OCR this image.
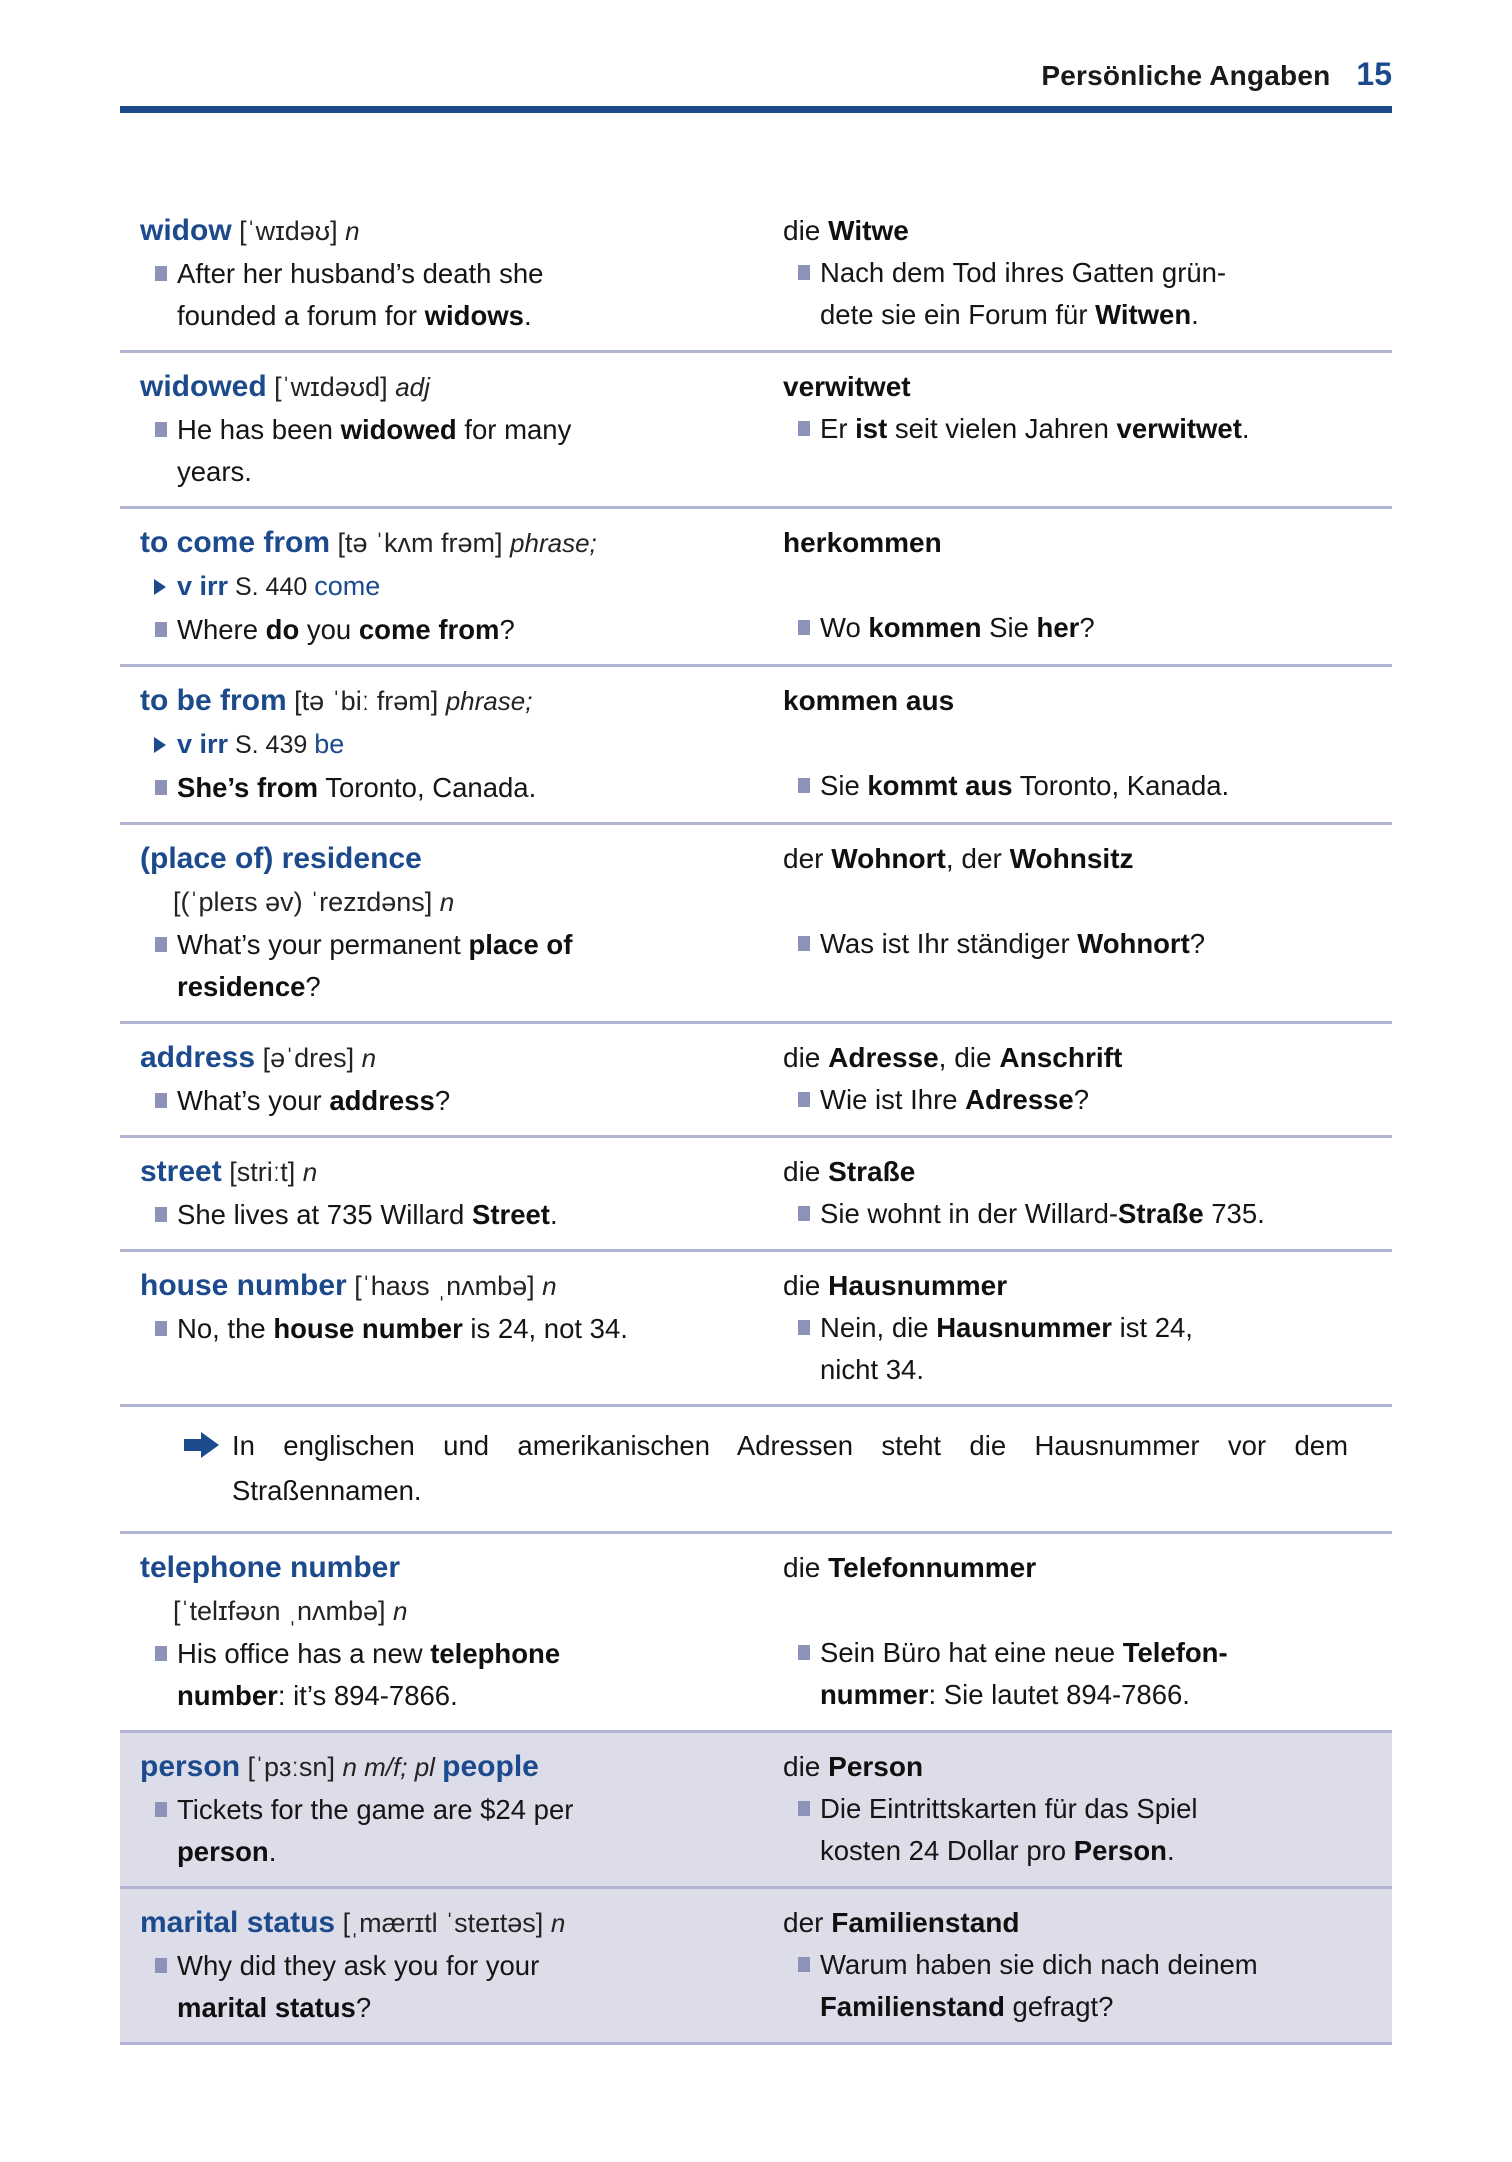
Persönliche Angaben 15
widow [ˈwɪdəʊ] n
After her husband’s death she
founded a forum for widows.
die Witwe
Nach dem Tod ihres Gatten grün-
dete sie ein Forum für Witwen.
widowed [ˈwɪdəʊd] adj
He has been widowed for many
years.
verwitwet
Er ist seit vielen Jahren verwitwet.
to come from [tə ˈkʌm frəm] phrase;
v irr S. 440 come
Where do you come from?
herkommen
Wo kommen Sie her?
to be from [tə ˈbiː frəm] phrase;
v irr S. 439 be
She’s from Toronto, Canada.
kommen aus
Sie kommt aus Toronto, Kanada.
(place of) residence
[(ˈpleɪs əv) ˈrezɪdəns] n
What’s your permanent place of
residence?
der Wohnort, der Wohnsitz
Was ist Ihr ständiger Wohnort?
address [əˈdres] n
What’s your address?
die Adresse, die Anschrift
Wie ist Ihre Adresse?
street [striːt] n
She lives at 735 Willard Street.
die Straße
Sie wohnt in der Willard-Straße 735.
house number [ˈhaʊs ˌnʌmbə] n
No, the house number is 24, not 34.
die Hausnummer
Nein, die Hausnummer ist 24,
nicht 34.

In englischen und amerikanischen Adressen steht die Hausnummer vor dem Straßennamen.

telephone number
[ˈtelɪfəʊn ˌnʌmbə] n
His office has a new telephone
number: it’s 894-7866.
die Telefonnummer
Sein Büro hat eine neue Telefon-
nummer: Sie lautet 894-7866.
person [ˈpɜːsn] n m/f; pl people
Tickets for the game are $24 per
person.
die Person
Die Eintrittskarten für das Spiel
kosten 24 Dollar pro Person.
marital status [ˌmærɪtl ˈsteɪtəs] n
Why did they ask you for your
marital status?
der Familienstand
Warum haben sie dich nach deinem
Familienstand gefragt?
